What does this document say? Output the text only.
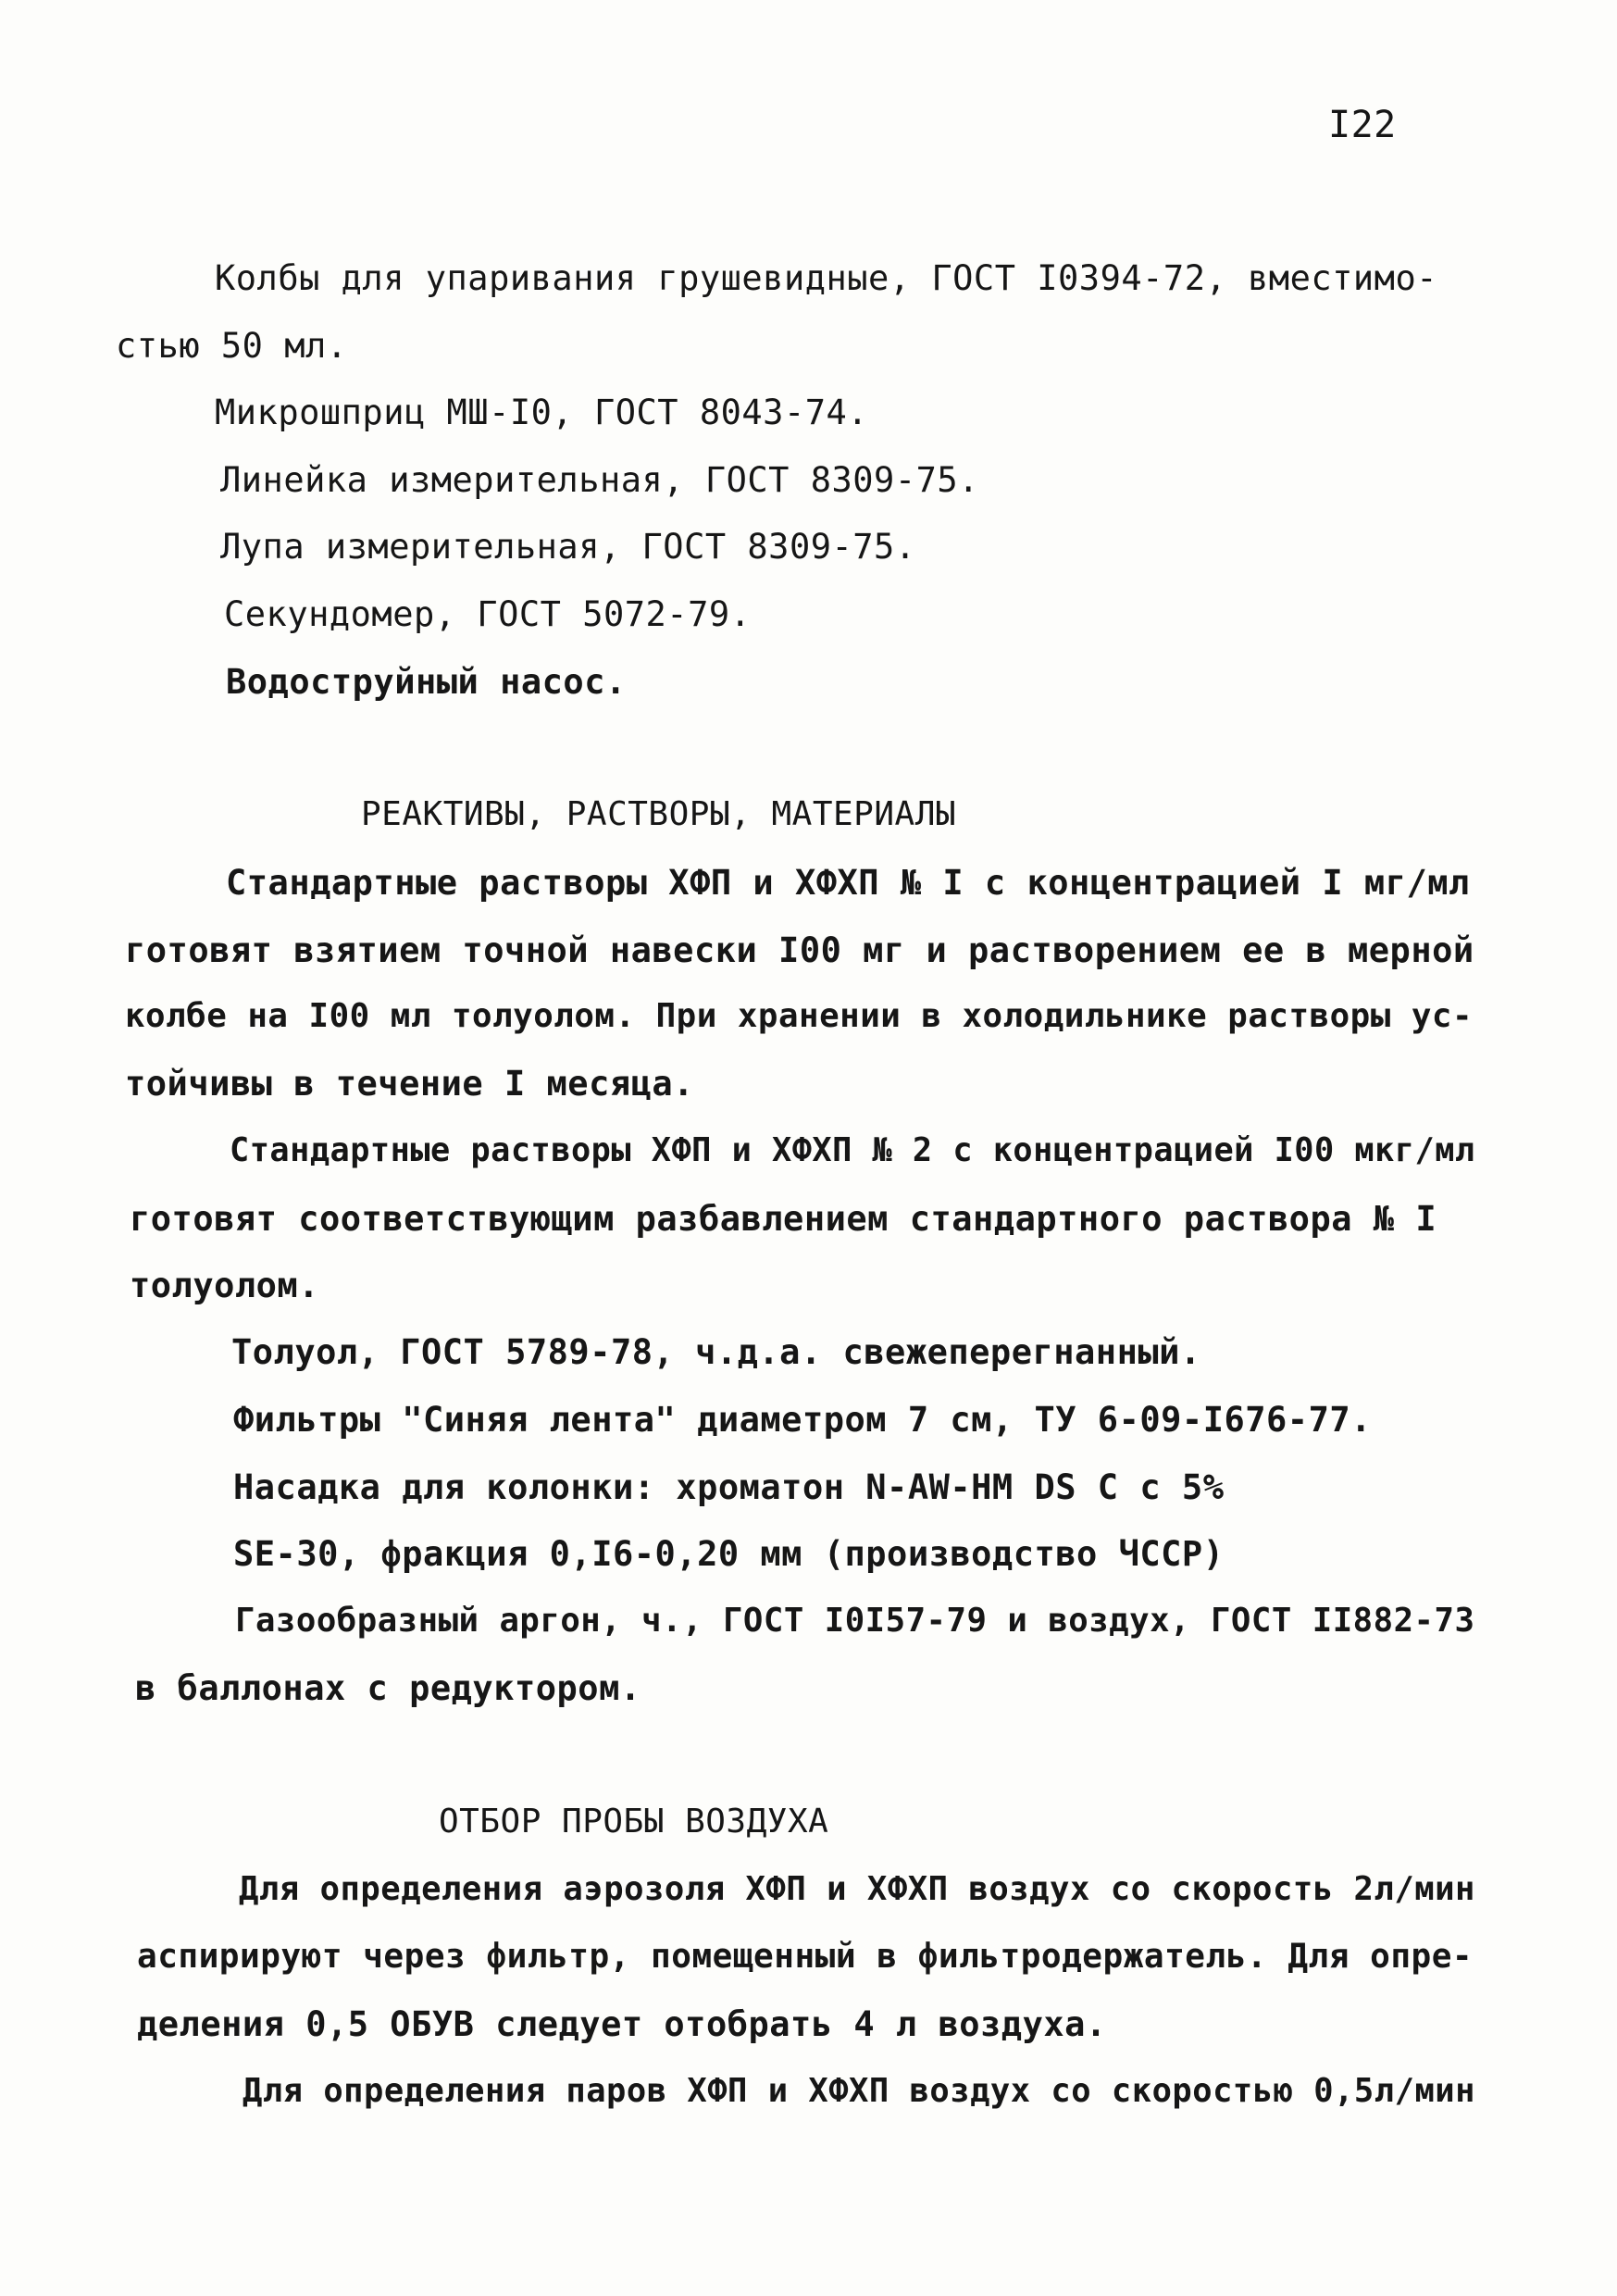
I22
Колбы для упаривания грушевидные, ГОСТ I0394-72, вместимо-
стью 50 мл.
Микрошприц МШ-I0, ГОСТ 8043-74.
Линейка измерительная, ГОСТ 8309-75.
Лупа измерительная, ГОСТ 8309-75.
Секундомер, ГОСТ 5072-79.
Водоструйный насос.
РЕАКТИВЫ, РАСТВОРЫ, МАТЕРИАЛЫ
Стандартные растворы ХФП и ХФХП № I с концентрацией I мг/мл
готовят взятием точной навески I00 мг и растворением ее в мерной
колбе на I00 мл толуолом. При хранении в холодильнике растворы ус-
тойчивы в течение I месяца.
Стандартные растворы ХФП и ХФХП № 2 с концентрацией I00 мкг/мл
готовят соответствующим разбавлением стандартного раствора № I
толуолом.
Толуол, ГОСТ 5789-78, ч.д.а. свежеперегнанный.
Фильтры "Синяя лента" диаметром 7 см, ТУ 6-09-I676-77.
Насадка для колонки: хроматон N-AW-HM DS C с 5%
SE-30, фракция 0,I6-0,20 мм (производство ЧССР)
Газообразный аргон, ч., ГОСТ I0I57-79 и воздух, ГОСТ II882-73
в баллонах с редуктором.
ОТБОР ПРОБЫ ВОЗДУХА
Для определения аэрозоля ХФП и ХФХП воздух со скорость 2л/мин
аспирируют через фильтр, помещенный в фильтродержатель. Для опре-
деления 0,5 ОБУВ следует отобрать 4 л воздуха.
Для определения паров ХФП и ХФХП воздух со скоростью 0,5л/мин
